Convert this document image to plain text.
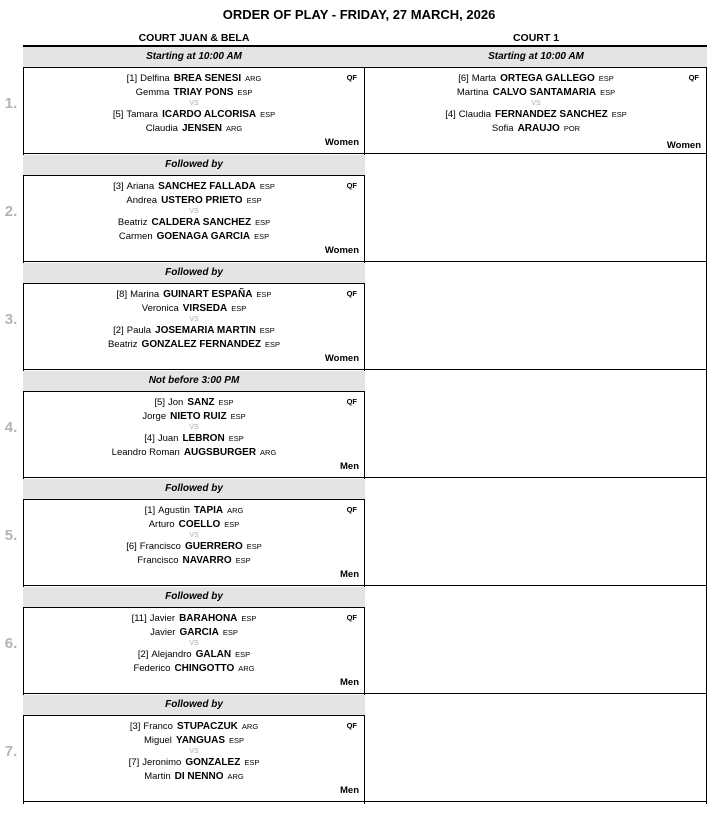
ORDER OF PLAY - FRIDAY, 27 MARCH, 2026
COURT JUAN & BELA	COURT 1
1.
2.
3.
4.
5.
6.
7.
Starting at 10:00 AM	Starting at 10:00 AM
[1] Delfina BREA SENESI ARG
Gemma TRIAY PONS ESP
[5] Tamara ICARDO ALCORISA ESP
Claudia JENSEN ARG
VS
QF
Women
[6] Marta ORTEGA GALLEGO ESP
Martina CALVO SANTAMARIA ESP
[4] Claudia FERNANDEZ SANCHEZ ESP
Sofia ARAUJO POR
VS
QF
Women
Followed by
[3] Ariana SANCHEZ FALLADA ESP
Andrea USTERO PRIETO ESP
Beatriz CALDERA SANCHEZ ESP
Carmen GOENAGA GARCIA ESP
VS
QF
Women
Followed by
[8] Marina GUINART ESPAÑA ESP
Veronica VIRSEDA ESP
[2] Paula JOSEMARIA MARTIN ESP
Beatriz GONZALEZ FERNANDEZ ESP
VS
QF
Women
Not before 3:00 PM
[5] Jon SANZ ESP
Jorge NIETO RUIZ ESP
[4] Juan LEBRON ESP
Leandro Roman AUGSBURGER ARG
VS
QF
Men
Followed by
[1] Agustin TAPIA ARG
Arturo COELLO ESP
[6] Francisco GUERRERO ESP
Francisco NAVARRO ESP
VS
QF
Men
Followed by
[11] Javier BARAHONA ESP
Javier GARCIA ESP
[2] Alejandro GALAN ESP
Federico CHINGOTTO ARG
VS
QF
Men
Followed by
[3] Franco STUPACZUK ARG
Miguel YANGUAS ESP
[7] Jeronimo GONZALEZ ESP
Martin DI NENNO ARG
VS
QF
Men
